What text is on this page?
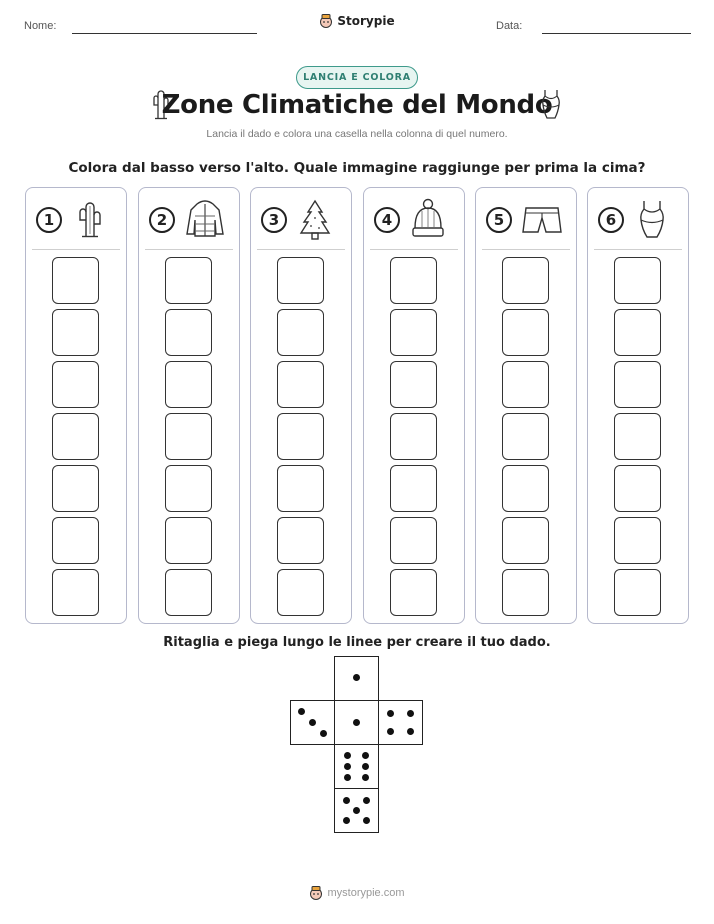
Nome:	Data:
Storypie
LANCIA E COLORA
Zone Climatiche del Mondo
Lancia il dado e colora una casella nella colonna di quel numero.
Colora dal basso verso l'alto. Quale immagine raggiunge per prima la cima?
1	2	3	4	5	6
Ritaglia e piega lungo le linee per creare il tuo dado.
mystorypie.com
